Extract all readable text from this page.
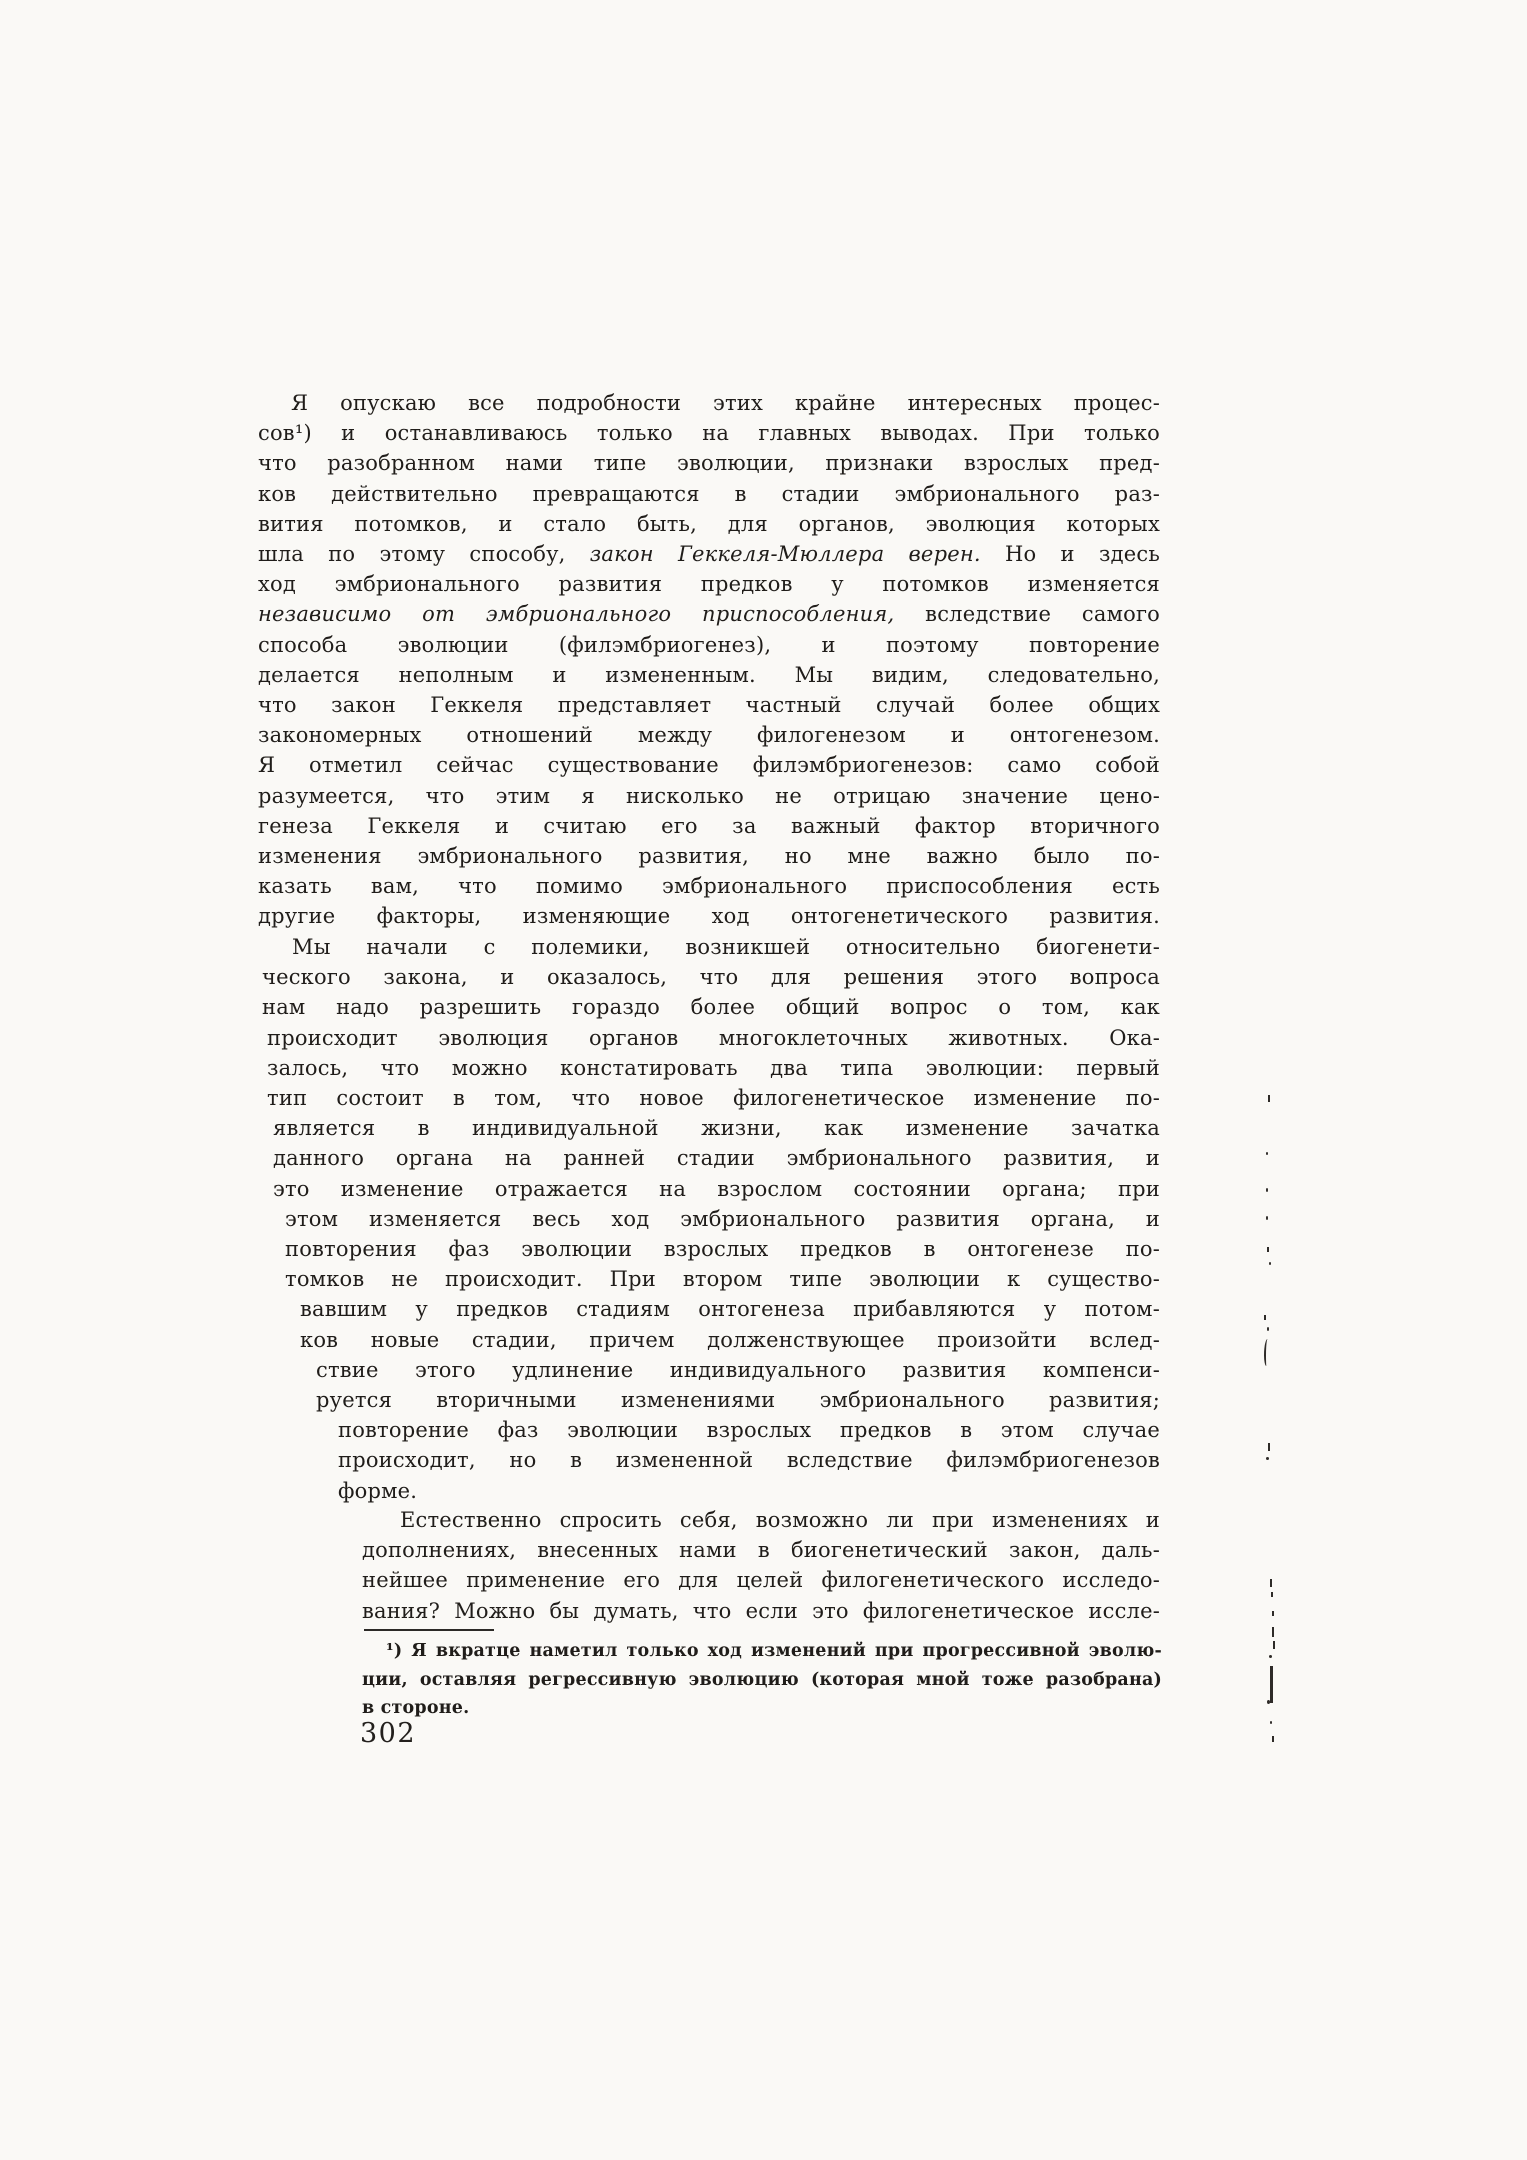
Я опускаю все подробности этих крайне интересных процес-
сов¹) и останавливаюсь только на главных выводах. При только
что разобранном нами типе эволюции, признаки взрослых пред-
ков действительно превращаются в стадии эмбрионального раз-
вития потомков, и стало быть, для органов, эволюция которых
шла по этому способу, закон Геккеля-Мюллера верен. Но и здесь
ход эмбрионального развития предков у потомков изменяется
независимо от эмбрионального приспособления, вследствие самого
способа эволюции (филэмбриогенез), и поэтому повторение
делается неполным и измененным. Мы видим, следовательно,
что закон Геккеля представляет частный случай более общих
закономерных отношений между филогенезом и онтогенезом.
Я отметил сейчас существование филэмбриогенезов: само собой
разумеется, что этим я нисколько не отрицаю значение цено-
генеза Геккеля и считаю его за важный фактор вторичного
изменения эмбрионального развития, но мне важно было по-
казать вам, что помимо эмбрионального приспособления есть
другие факторы, изменяющие ход онтогенетического развития.
Мы начали с полемики, возникшей относительно биогенети-
ческого закона, и оказалось, что для решения этого вопроса
нам надо разрешить гораздо более общий вопрос о том, как
происходит эволюция органов многоклеточных животных. Ока-
залось, что можно констатировать два типа эволюции: первый
тип состоит в том, что новое филогенетическое изменение по-
является в индивидуальной жизни, как изменение зачатка
данного органа на ранней стадии эмбрионального развития, и
это изменение отражается на взрослом состоянии органа; при
этом изменяется весь ход эмбрионального развития органа, и
повторения фаз эволюции взрослых предков в онтогенезе по-
томков не происходит. При втором типе эволюции к существо-
вавшим у предков стадиям онтогенеза прибавляются у потом-
ков новые стадии, причем долженствующее произойти вслед-
ствие этого удлинение индивидуального развития компенси-
руется вторичными изменениями эмбрионального развития;
повторение фаз эволюции взрослых предков в этом случае
происходит, но в измененной вследствие филэмбриогенезов
форме.
Естественно спросить себя, возможно ли при изменениях и
дополнениях, внесенных нами в биогенетический закон, даль-
нейшее применение его для целей филогенетического исследо-
вания? Можно бы думать, что если это филогенетическое иссле-
¹) Я вкратце наметил только ход изменений при прогрессивной эволю-
ции, оставляя регрессивную эволюцию (которая мной тоже разобрана)
в стороне.
302
